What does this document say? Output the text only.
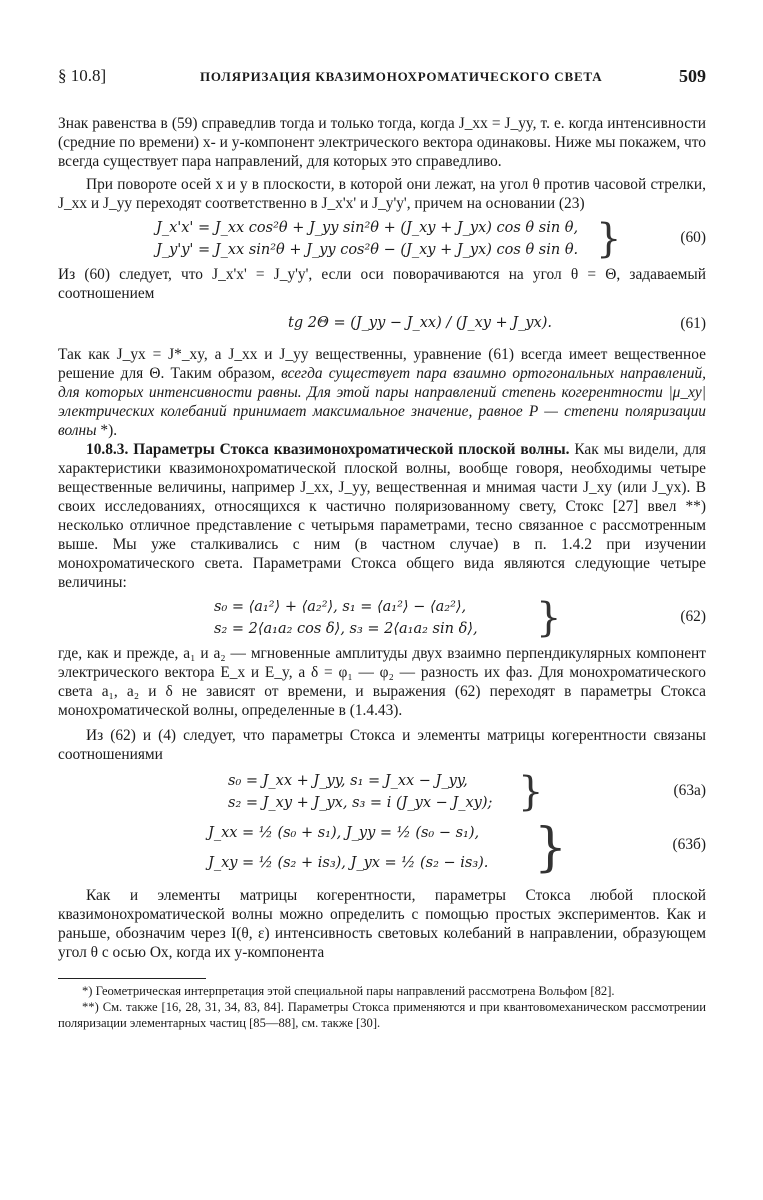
§ 10.8]	ПОЛЯРИЗАЦИЯ КВАЗИМОНОХРОМАТИЧЕСКОГО СВЕТА	509

Знак равенства в (59) справедлив тогда и только тогда, когда J_xx = J_yy, т. е. когда интенсивности (средние по времени) x- и y-компонент электрического вектора одинаковы. Ниже мы покажем, что всегда существует пара направлений, для которых это справедливо.

При повороте осей x и y в плоскости, в которой они лежат, на угол θ против часовой стрелки, J_xx и J_yy переходят соответственно в J_x'x' и J_y'y', причем на основании (23)

J_x'x' = J_xx cos²θ + J_yy sin²θ + (J_xy + J_yx) cos θ sin θ,
J_y'y' = J_xx sin²θ + J_yy cos²θ − (J_xy + J_yx) cos θ sin θ. }	(60)

Из (60) следует, что J_x'x' = J_y'y', если оси поворачиваются на угол θ = Θ, задаваемый соотношением

tg 2Θ = (J_yy − J_xx) / (J_xy + J_yx).	(61)

Так как J_yx = J*_xy, а J_xx и J_yy вещественны, уравнение (61) всегда имеет вещественное решение для Θ. Таким образом, всегда существует пара взаимно ортогональных направлений, для которых интенсивности равны. Для этой пары направлений степень когерентности |μ_xy| электрических колебаний принимает максимальное значение, равное P — степени поляризации волны *).

10.8.3. Параметры Стокса квазимонохроматической плоской волны. Как мы видели, для характеристики квазимонохроматической плоской волны, вообще говоря, необходимы четыре вещественные величины, например J_xx, J_yy, вещественная и мнимая части J_xy (или J_yx). В своих исследованиях, относящихся к частично поляризованному свету, Стокс [27] ввел **) несколько отличное представление с четырьмя параметрами, тесно связанное с рассмотренным выше. Мы уже сталкивались с ним (в частном случае) в п. 1.4.2 при изучении монохроматического света. Параметрами Стокса общего вида являются следующие четыре величины:

s₀ = ⟨a₁²⟩ + ⟨a₂²⟩, s₁ = ⟨a₁²⟩ − ⟨a₂²⟩,
s₂ = 2⟨a₁a₂ cos δ⟩, s₃ = 2⟨a₁a₂ sin δ⟩,	}	(62)

где, как и прежде, a₁ и a₂ — мгновенные амплитуды двух взаимно перпендикулярных компонент электрического вектора E_x и E_y, а δ = φ₁ — φ₂ — разность их фаз. Для монохроматического света a₁, a₂ и δ не зависят от времени, и выражения (62) переходят в параметры Стокса монохроматической волны, определенные в (1.4.43).

Из (62) и (4) следует, что параметры Стокса и элементы матрицы когерентности связаны соотношениями

s₀ = J_xx + J_yy, s₁ = J_xx − J_yy,
s₂ = J_xy + J_yx, s₃ = i (J_yx − J_xy); }	(63а)
J_xx = ½ (s₀ + s₁), J_yy = ½ (s₀ − s₁),
J_xy = ½ (s₂ + is₃), J_yx = ½ (s₂ − is₃). }	(63б)

Как и элементы матрицы когерентности, параметры Стокса любой плоской квазимонохроматической волны можно определить с помощью простых экспериментов. Как и раньше, обозначим через I(θ, ε) интенсивность световых колебаний в направлении, образующем угол θ с осью Ox, когда их y-компонента

*) Геометрическая интерпретация этой специальной пары направлений рассмотрена Вольфом [82].

**) См. также [16, 28, 31, 34, 83, 84]. Параметры Стокса применяются и при квантовомеханическом рассмотрении поляризации элементарных частиц [85—88], см. также [30].
